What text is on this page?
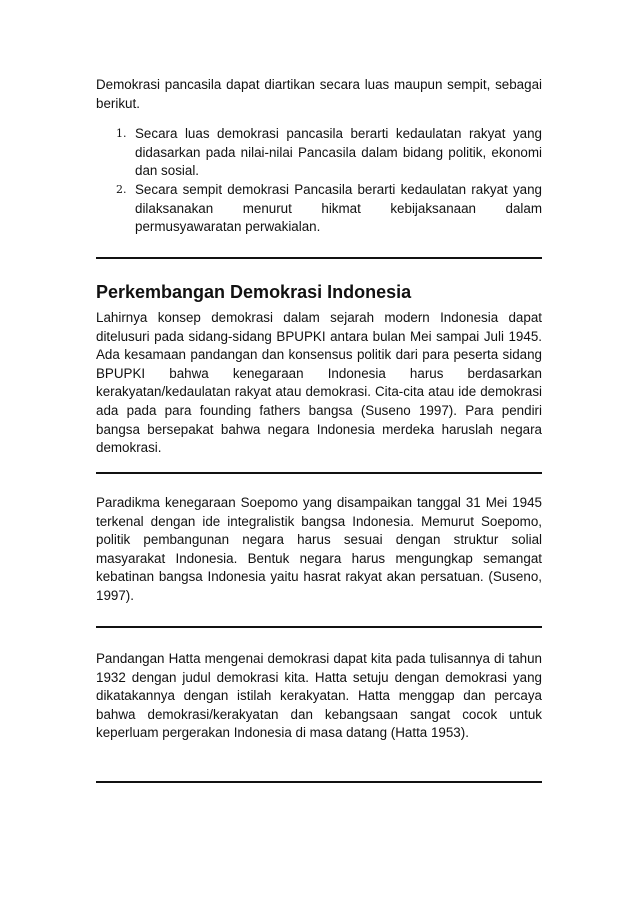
Demokrasi pancasila dapat diartikan secara luas maupun sempit, sebagai berikut.

1. Secara luas demokrasi pancasila berarti kedaulatan rakyat yang didasarkan pada nilai-nilai Pancasila dalam bidang politik, ekonomi dan sosial.
2. Secara sempit demokrasi Pancasila berarti kedaulatan rakyat yang dilaksanakan menurut hikmat kebijaksanaan dalam permusyawaratan perwakialan.
Perkembangan Demokrasi Indonesia

Lahirnya konsep demokrasi dalam sejarah modern Indonesia dapat ditelusuri pada sidang-sidang BPUPKI antara bulan Mei sampai Juli 1945. Ada kesamaan pandangan dan konsensus politik dari para peserta sidang BPUPKI bahwa kenegaraan Indonesia harus berdasarkan kerakyatan/kedaulatan rakyat atau demokrasi. Cita-cita atau ide demokrasi ada pada para founding fathers bangsa (Suseno 1997). Para pendiri bangsa bersepakat bahwa negara Indonesia merdeka haruslah negara demokrasi.

Paradikma kenegaraan Soepomo yang disampaikan tanggal 31 Mei 1945 terkenal dengan ide integralistik bangsa Indonesia. Memurut Soepomo, politik pembangunan negara harus sesuai dengan struktur solial masyarakat Indonesia. Bentuk negara harus mengungkap semangat kebatinan bangsa Indonesia yaitu hasrat rakyat akan persatuan. (Suseno, 1997).

Pandangan Hatta mengenai demokrasi dapat kita pada tulisannya di tahun 1932 dengan judul demokrasi kita. Hatta setuju dengan demokrasi yang dikatakannya dengan istilah kerakyatan. Hatta menggap dan percaya bahwa demokrasi/kerakyatan dan kebangsaan sangat cocok untuk keperluam pergerakan Indonesia di masa datang (Hatta 1953).
